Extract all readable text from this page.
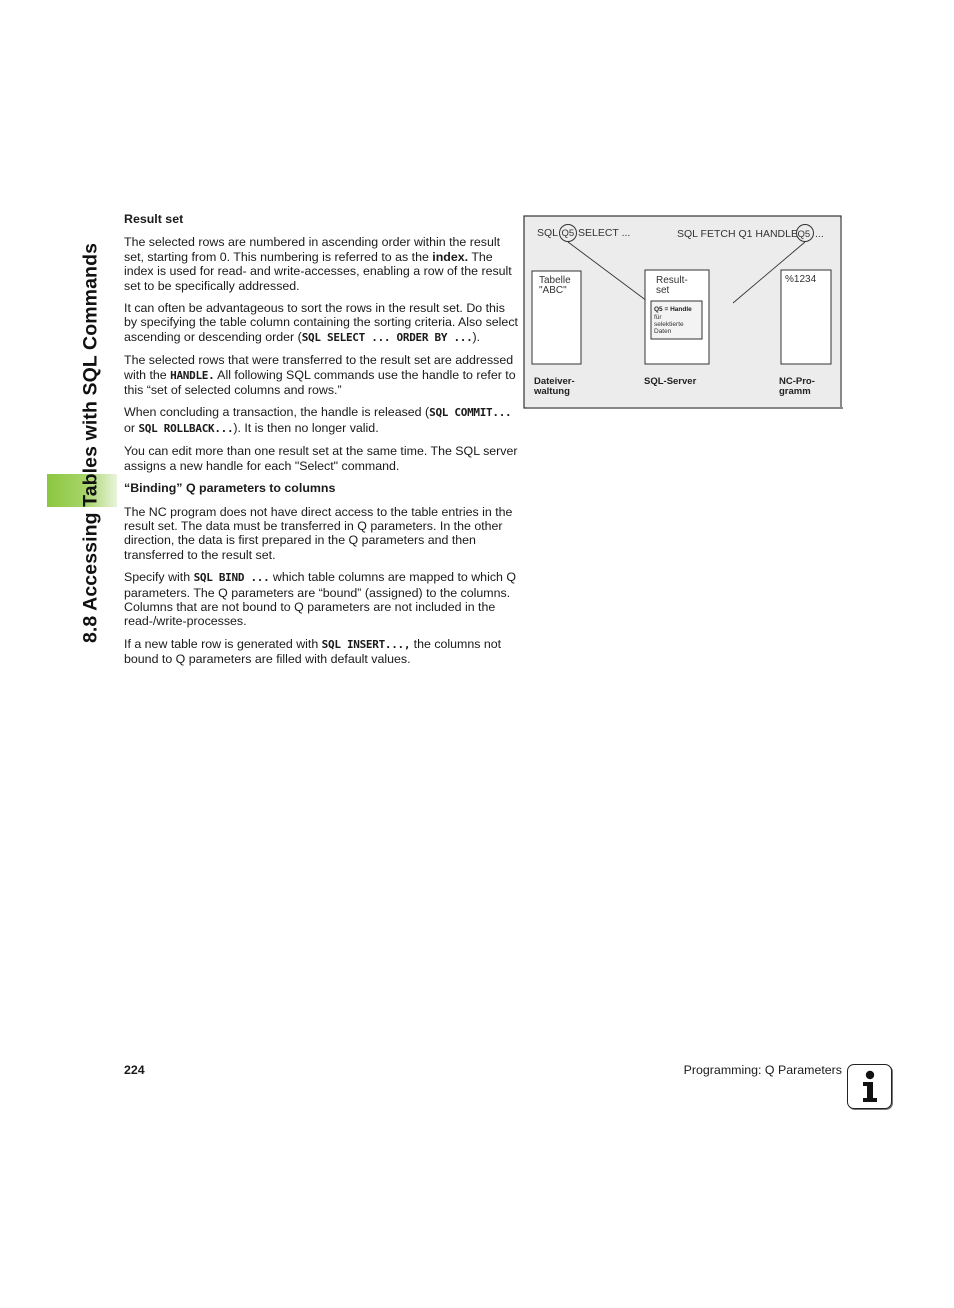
8.8 Accessing Tables with SQL Commands
Result set

The selected rows are numbered in ascending order within the result set, starting from 0. This numbering is referred to as the index. The index is used for read- and write-accesses, enabling a row of the result set to be specifically addressed.

It can often be advantageous to sort the rows in the result set. Do this by specifying the table column containing the sorting criteria. Also select ascending or descending order (SQL SELECT ... ORDER BY ...).

The selected rows that were transferred to the result set are addressed with the HANDLE. All following SQL commands use the handle to refer to this “set of selected columns and rows.”

When concluding a transaction, the handle is released (SQL COMMIT... or SQL ROLLBACK...). It is then no longer valid.

You can edit more than one result set at the same time. The SQL server assigns a new handle for each "Select" command.

“Binding” Q parameters to columns

The NC program does not have direct access to the table entries in the result set. The data must be transferred in Q parameters. In the other direction, the data is first prepared in the Q parameters and then transferred to the result set.

Specify with SQL BIND ... which table columns are mapped to which Q parameters. The Q parameters are “bound” (assigned) to the columns. Columns that are not bound to Q parameters are not included in the read-/write-processes.

If a new table row is generated with SQL INSERT..., the columns not bound to Q parameters are filled with default values.

SQL Q5 SELECT ...	SQL FETCH Q1 HANDLE Q5 ...
Tabelle
"ABC"
Result-
set
Q5 = Handle
für
selektierte
Daten
%1234
Dateiver-
waltung
SQL-Server	NC-Pro-
gramm
224	Programming: Q Parameters
i
